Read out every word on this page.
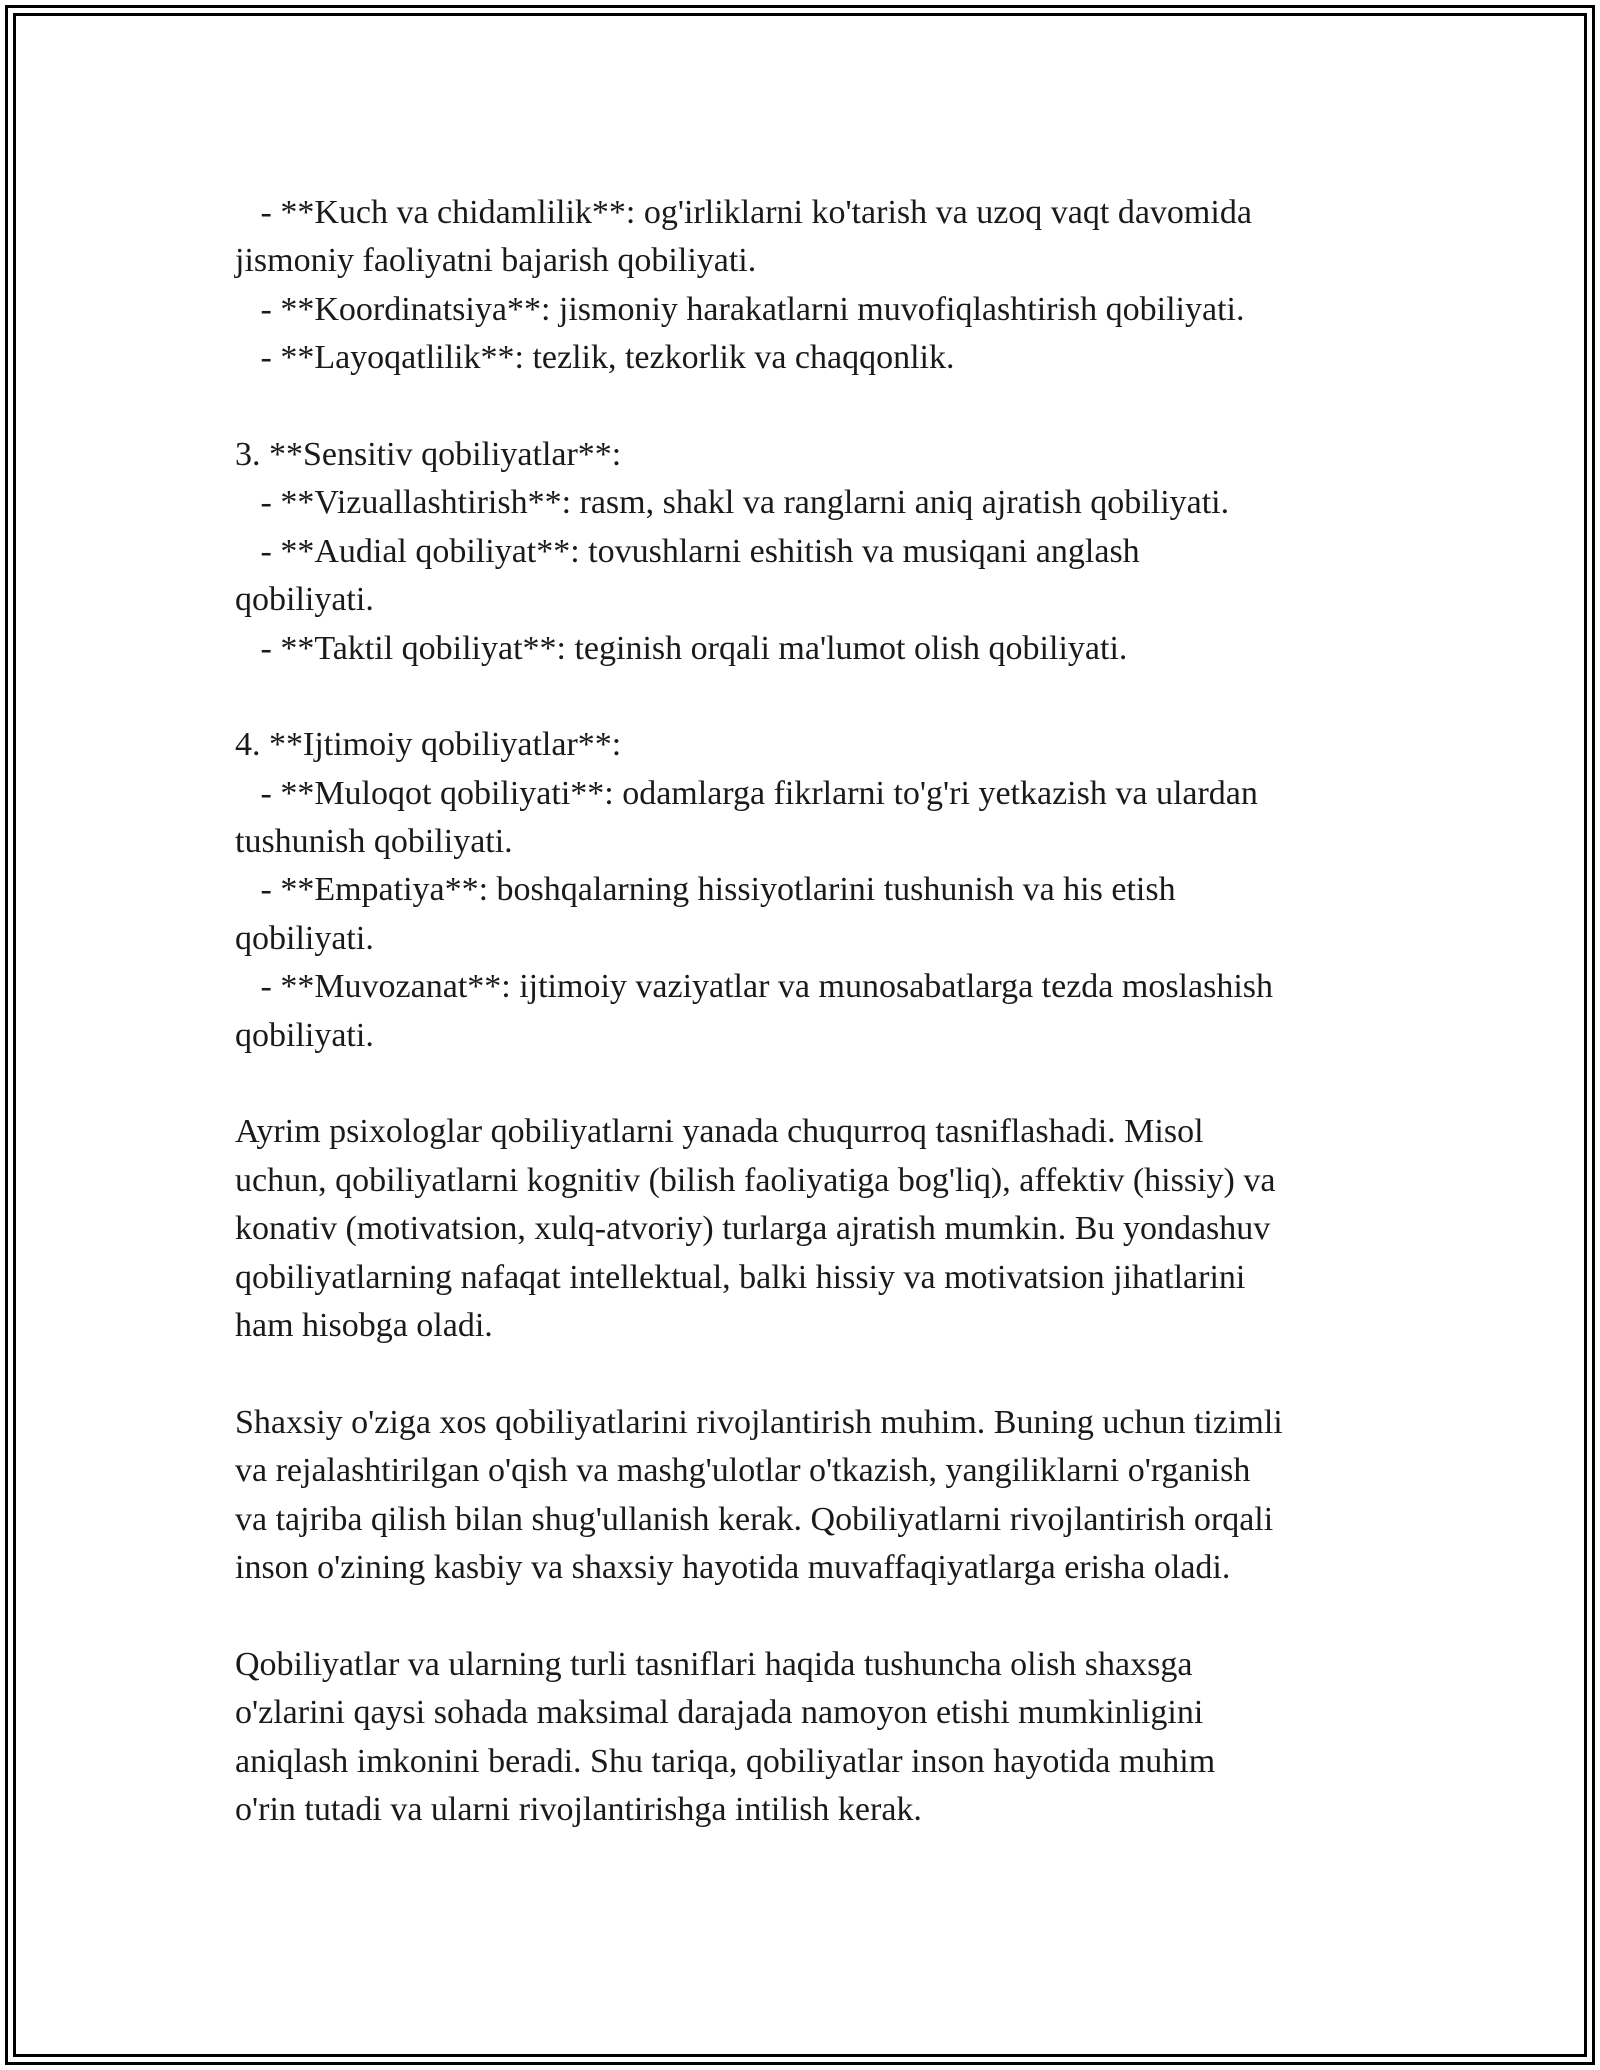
- **Kuch va chidamlilik**: og'irliklarni ko'tarish va uzoq vaqt davomida
jismoniy faoliyatni bajarish qobiliyati.
- **Koordinatsiya**: jismoniy harakatlarni muvofiqlashtirish qobiliyati.
- **Layoqatlilik**: tezlik, tezkorlik va chaqqonlik.
3. **Sensitiv qobiliyatlar**:
- **Vizuallashtirish**: rasm, shakl va ranglarni aniq ajratish qobiliyati.
- **Audial qobiliyat**: tovushlarni eshitish va musiqani anglash
qobiliyati.
- **Taktil qobiliyat**: teginish orqali ma'lumot olish qobiliyati.
4. **Ijtimoiy qobiliyatlar**:
- **Muloqot qobiliyati**: odamlarga fikrlarni to'g'ri yetkazish va ulardan
tushunish qobiliyati.
- **Empatiya**: boshqalarning hissiyotlarini tushunish va his etish
qobiliyati.
- **Muvozanat**: ijtimoiy vaziyatlar va munosabatlarga tezda moslashish
qobiliyati.
Ayrim psixologlar qobiliyatlarni yanada chuqurroq tasniflashadi. Misol
uchun, qobiliyatlarni kognitiv (bilish faoliyatiga bog'liq), affektiv (hissiy) va
konativ (motivatsion, xulq-atvoriy) turlarga ajratish mumkin. Bu yondashuv
qobiliyatlarning nafaqat intellektual, balki hissiy va motivatsion jihatlarini
ham hisobga oladi.
Shaxsiy o'ziga xos qobiliyatlarini rivojlantirish muhim. Buning uchun tizimli
va rejalashtirilgan o'qish va mashg'ulotlar o'tkazish, yangiliklarni o'rganish
va tajriba qilish bilan shug'ullanish kerak. Qobiliyatlarni rivojlantirish orqali
inson o'zining kasbiy va shaxsiy hayotida muvaffaqiyatlarga erisha oladi.
Qobiliyatlar va ularning turli tasniflari haqida tushuncha olish shaxsga
o'zlarini qaysi sohada maksimal darajada namoyon etishi mumkinligini
aniqlash imkonini beradi. Shu tariqa, qobiliyatlar inson hayotida muhim
o'rin tutadi va ularni rivojlantirishga intilish kerak.
